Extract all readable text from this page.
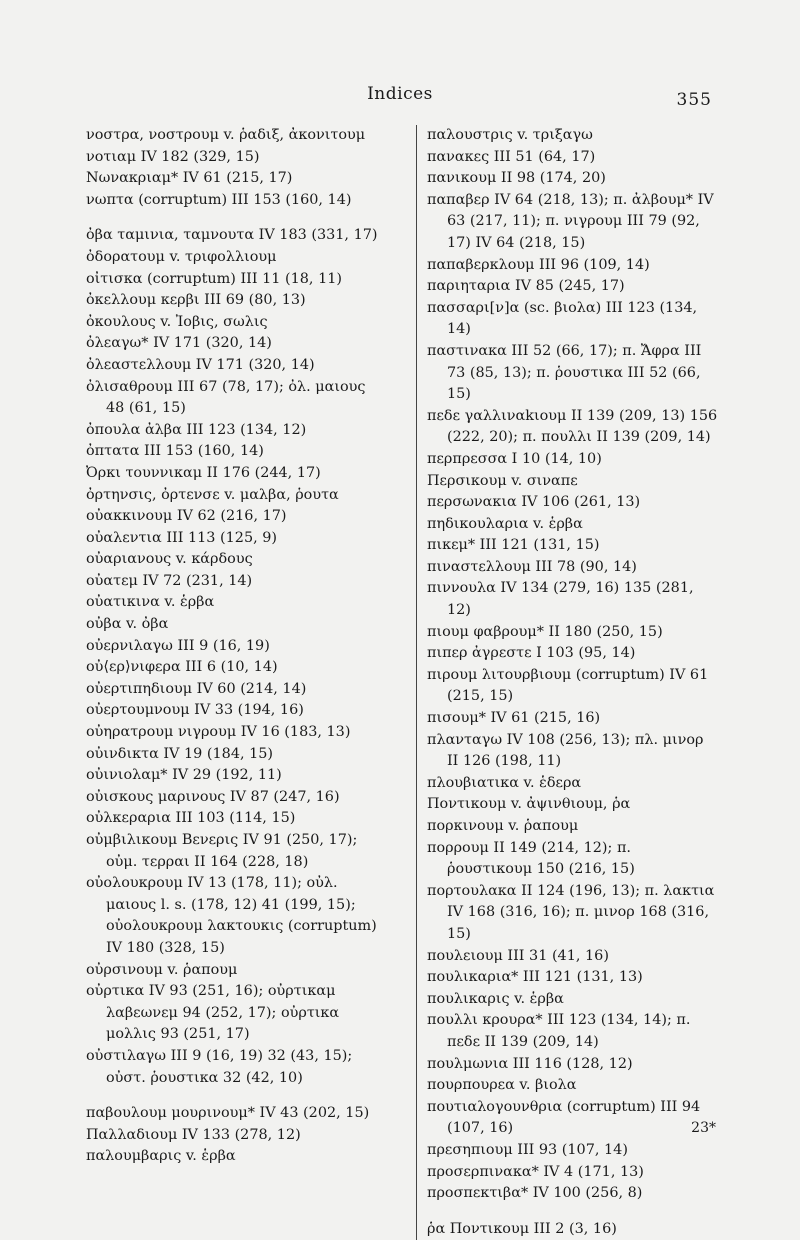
Indices	355
νοστρα, νοστρουμ v. ῥαδιξ, ἀκονιτουμ
νοτιαμ IV 182 (329, 15)
Νωνακριαμ* IV 61 (215, 17)
νωπτα (corruptum) III 153 (160, 14)
ὀβα ταμινια, ταμνουτα IV 183 (331, 17)
ὀδορατουμ v. τριφολλιουμ
οἰτισκα (corruptum) III 11 (18, 11)
ὀκελλουμ κερβι III 69 (80, 13)
ὀκουλους v. Ἰοβις, σωλις
ὀλεαγω* IV 171 (320, 14)
ὀλεαστελλουμ IV 171 (320, 14)
ὀλισαθρουμ III 67 (78, 17); ὀλ. μαιους 48 (61, 15)
ὀπουλα ἀλβα III 123 (134, 12)
ὀπτατα III 153 (160, 14)
Ὀρκι τουννικαμ II 176 (244, 17)
ὀρτηνσις, ὀρτενσε v. μαλβα, ῥουτα
οὐακκινουμ IV 62 (216, 17)
οὐαλεντια III 113 (125, 9)
οὐαριανους v. κάρδους
οὐατεμ IV 72 (231, 14)
οὐατικινα v. ἑρβα
οὐβα v. ὀβα
οὐερνιλαγω III 9 (16, 19)
οὐ⟨ερ⟩νιφερα III 6 (10, 14)
οὐερτιπηδιουμ IV 60 (214, 14)
οὐερτουμνουμ IV 33 (194, 16)
οὐηρατρουμ νιγρουμ IV 16 (183, 13)
οὐινδικτα IV 19 (184, 15)
οὐινιολαμ* IV 29 (192, 11)
οὐισκους μαρινους IV 87 (247, 16)
οὐλκεραρια III 103 (114, 15)
οὐμβιλικουμ Βενερις IV 91 (250, 17); οὐμ. τερραι II 164 (228, 18)
οὐολουκρουμ IV 13 (178, 11); οὐλ. μαιους l. s. (178, 12) 41 (199, 15); οὐολουκρουμ λακτουκις (corruptum) IV 180 (328, 15)
οὐρσινουμ v. ῥαπουμ
οὐρτικα IV 93 (251, 16); οὐρτικαμ λαβεωνεμ 94 (252, 17); οὐρτικα μολλις 93 (251, 17)
οὐστιλαγω III 9 (16, 19) 32 (43, 15); οὐστ. ῥουστικα 32 (42, 10)
παβουλουμ μουρινουμ* IV 43 (202, 15)
Παλλαδιουμ IV 133 (278, 12)
παλουμβαρις v. ἑρβα
παλουστρις v. τριξαγω
πανακες III 51 (64, 17)
πανικουμ II 98 (174, 20)
παπαβερ IV 64 (218, 13); π. ἀλβουμ* IV 63 (217, 11); π. νιγρουμ III 79 (92, 17) IV 64 (218, 15)
παπαβερκλουμ III 96 (109, 14)
παριηταρια IV 85 (245, 17)
πασσαρι[ν]α (sc. βιολα) III 123 (134, 14)
παστινακα III 52 (66, 17); π. Ἄφρα III 73 (85, 13); π. ῥουστικα III 52 (66, 15)
πεδε γαλλιναkιουμ II 139 (209, 13) 156 (222, 20); π. πουλλι II 139 (209, 14)
περπρεσσα I 10 (14, 10)
Περσικουμ v. σιναπε
περσωνακια IV 106 (261, 13)
πηδικουλαρια v. ἑρβα
πικεμ* III 121 (131, 15)
πιναστελλουμ III 78 (90, 14)
πιννουλα IV 134 (279, 16) 135 (281, 12)
πιουμ φαβρουμ* II 180 (250, 15)
πιπερ ἀγρεστε I 103 (95, 14)
πιρουμ λιτουρβιουμ (corruptum) IV 61 (215, 15)
πισουμ* IV 61 (215, 16)
πλανταγω IV 108 (256, 13); πλ. μινορ II 126 (198, 11)
πλουβιατικα v. ἑδερα
Ποντικουμ v. ἀψινθιουμ, ῥα
πορκινουμ v. ῥαπουμ
πορρουμ II 149 (214, 12); π. ῥουστικουμ 150 (216, 15)
πορτουλακα II 124 (196, 13); π. λακτια IV 168 (316, 16); π. μινορ 168 (316, 15)
πουλειουμ III 31 (41, 16)
πουλικαρια* III 121 (131, 13)
πουλικαρις v. ἑρβα
πουλλι κρουρα* III 123 (134, 14); π. πεδε II 139 (209, 14)
πουλμωνια III 116 (128, 12)
πουρπουρεα v. βιολα
πουτιαλογουνθρια (corruptum) III 94 (107, 16)
πρεσηπιουμ III 93 (107, 14)
προσερπινακα* IV 4 (171, 13)
προσπεκτιβα* IV 100 (256, 8)
ῥα Ποντικουμ III 2 (3, 16)
23*
